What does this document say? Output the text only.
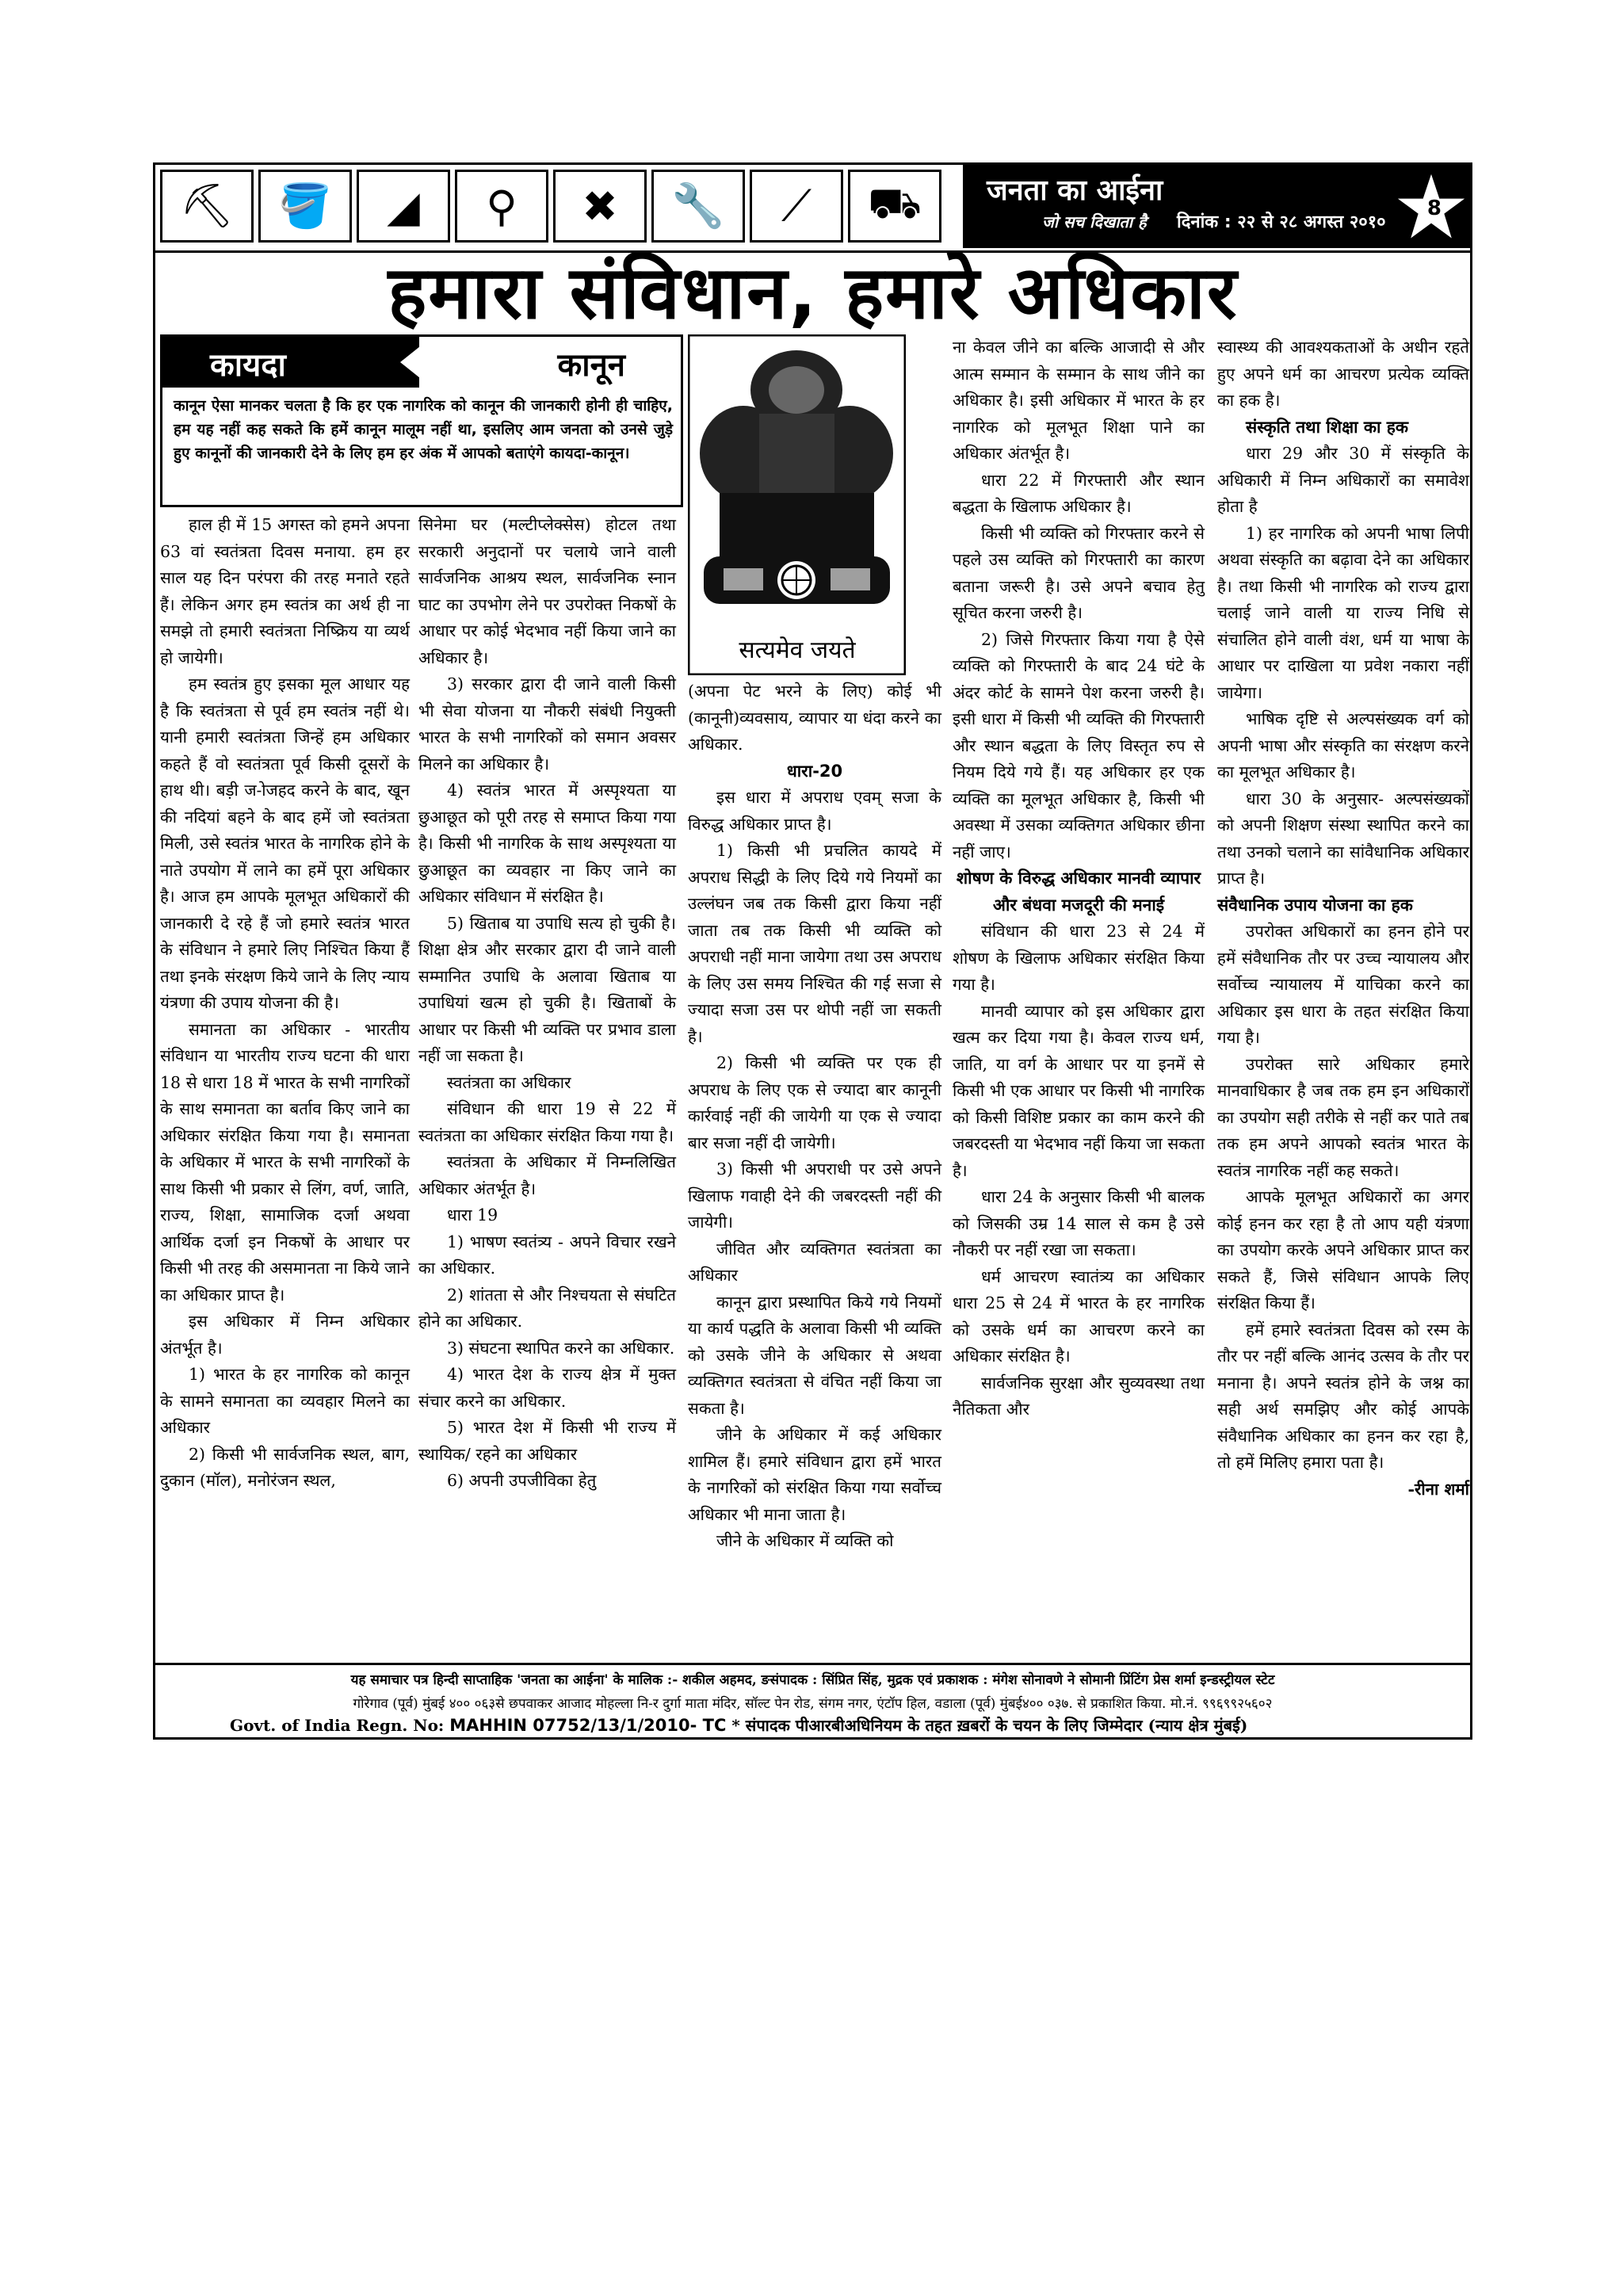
⛏	🪣	◢	⚲	✖	🔧	⟋	⛟	जनता का आईना
जो सच दिखाता है दिनांक : २२ से २८ अगस्त २०१०
8
हमारा संविधान, हमारे अधिकार
कायदा	कानून
कानून ऐसा मानकर चलता है कि हर एक नागरिक को कानून की जानकारी होनी ही चाहिए, हम यह नहीं कह सकते कि हमें कानून मालूम नहीं था, इसलिए आम जनता को उनसे जुड़े हुए कानूनों की जानकारी देने के लिए हम हर अंक में आपको बताएंगे कायदा-कानून।
सत्यमेव जयते

हाल ही में 15 अगस्त को हमने अपना 63 वां स्वतंत्रता दिवस मनाया. हम हर साल यह दिन परंपरा की तरह मनाते रहते हैं। लेकिन अगर हम स्वतंत्र का अर्थ ही ना समझे तो हमारी स्वतंत्रता निष्क्रिय या व्यर्थ हो जायेगी।

हम स्वतंत्र हुए इसका मूल आधार यह है कि स्वतंत्रता से पूर्व हम स्वतंत्र नहीं थे। यानी हमारी स्वतंत्रता जिन्हें हम अधिकार कहते हैं वो स्वतंत्रता पूर्व किसी दूसरों के हाथ थी। बड़ी ज-ोजहद करने के बाद, खून की नदियां बहने के बाद हमें जो स्वतंत्रता मिली, उसे स्वतंत्र भारत के नागरिक होने के नाते उपयोग में लाने का हमें पूरा अधिकार है। आज हम आपके मूलभूत अधिकारों की जानकारी दे रहे हैं जो हमारे स्वतंत्र भारत के संविधान ने हमारे लिए निश्चित किया हैं तथा इनके संरक्षण किये जाने के लिए न्याय यंत्रणा की उपाय योजना की है।

समानता का अधिकार - भारतीय संविधान या भारतीय राज्य घटना की धारा 18 से धारा 18 में भारत के सभी नागरिकों के साथ समानता का बर्ताव किए जाने का अधिकार संरक्षित किया गया है। समानता के अधिकार में भारत के सभी नागरिकों के साथ किसी भी प्रकार से लिंग, वर्ण, जाति, राज्य, शिक्षा, सामाजिक दर्जा अथवा आर्थिक दर्जा इन निकषों के आधार पर किसी भी तरह की असमानता ना किये जाने का अधिकार प्राप्त है।

इस अधिकार में निम्न अधिकार अंतर्भूत है।

1) भारत के हर नागरिक को कानून के सामने समानता का व्यवहार मिलने का अधिकार

2) किसी भी सार्वजनिक स्थल, बाग, दुकान (मॉल), मनोरंजन स्थल,

सिनेमा घर (मल्टीप्लेक्सेस) होटल तथा सरकारी अनुदानों पर चलाये जाने वाली सार्वजनिक आश्रय स्थल, सार्वजनिक स्नान घाट का उपभोग लेने पर उपरोक्त निकषों के आधार पर कोई भेदभाव नहीं किया जाने का अधिकार है।

3) सरकार द्वारा दी जाने वाली किसी भी सेवा योजना या नौकरी संबंधी नियुक्ती भारत के सभी नागरिकों को समान अवसर मिलने का अधिकार है।

4) स्वतंत्र भारत में अस्पृश्यता या छुआछूत को पूरी तरह से समाप्त किया गया है। किसी भी नागरिक के साथ अस्पृश्यता या छुआछूत का व्यवहार ना किए जाने का अधिकार संविधान में संरक्षित है।

5) खिताब या उपाधि सत्य हो चुकी है। शिक्षा क्षेत्र और सरकार द्वारा दी जाने वाली सम्मानित उपाधि के अलावा खिताब या उपाधियां खत्म हो चुकी है। खिताबों के आधार पर किसी भी व्यक्ति पर प्रभाव डाला नहीं जा सकता है।

स्वतंत्रता का अधिकार

संविधान की धारा 19 से 22 में स्वतंत्रता का अधिकार संरक्षित किया गया है।

स्वतंत्रता के अधिकार में निम्नलिखित अधिकार अंतर्भूत है।

धारा 19

1) भाषण स्वतंत्र्य - अपने विचार रखने का अधिकार.

2) शांतता से और निश्चयता से संघटित होने का अधिकार.

3) संघटना स्थापित करने का अधिकार.

4) भारत देश के राज्य क्षेत्र में मुक्त संचार करने का अधिकार.

5) भारत देश में किसी भी राज्य में स्थायिक/ रहने का अधिकार

6) अपनी उपजीविका हेतु

(अपना पेट भरने के लिए) कोई भी (कानूनी)व्यवसाय, व्यापार या धंदा करने का अधिकार.

धारा-20

इस धारा में अपराध एवम् सजा के विरुद्ध अधिकार प्राप्त है।

1) किसी भी प्रचलित कायदे में अपराध सिद्धी के लिए दिये गये नियमों का उल्लंघन जब तक किसी द्वारा किया नहीं जाता तब तक किसी भी व्यक्ति को अपराधी नहीं माना जायेगा तथा उस अपराध के लिए उस समय निश्चित की गई सजा से ज्यादा सजा उस पर थोपी नहीं जा सकती है।

2) किसी भी व्यक्ति पर एक ही अपराध के लिए एक से ज्यादा बार कानूनी कार्रवाई नहीं की जायेगी या एक से ज्यादा बार सजा नहीं दी जायेगी।

3) किसी भी अपराधी पर उसे अपने खिलाफ गवाही देने की जबरदस्ती नहीं की जायेगी।

जीवित और व्यक्तिगत स्वतंत्रता का अधिकार

कानून द्वारा प्रस्थापित किये गये नियमों या कार्य पद्धति के अलावा किसी भी व्यक्ति को उसके जीने के अधिकार से अथवा व्यक्तिगत स्वतंत्रता से वंचित नहीं किया जा सकता है।

जीने के अधिकार में कई अधिकार शामिल हैं। हमारे संविधान द्वारा हमें भारत के नागरिकों को संरक्षित किया गया सर्वोच्च अधिकार भी माना जाता है।

जीने के अधिकार में व्यक्ति को

ना केवल जीने का बल्कि आजादी से और आत्म सम्मान के सम्मान के साथ जीने का अधिकार है। इसी अधिकार में भारत के हर नागरिक को मूलभूत शिक्षा पाने का अधिकार अंतर्भूत है।

धारा 22 में गिरफ्तारी और स्थान बद्धता के खिलाफ अधिकार है।

किसी भी व्यक्ति को गिरफ्तार करने से पहले उस व्यक्ति को गिरफ्तारी का कारण बताना जरूरी है। उसे अपने बचाव हेतु सूचित करना जरुरी है।

2) जिसे गिरफ्तार किया गया है ऐसे व्यक्ति को गिरफ्तारी के बाद 24 घंटे के अंदर कोर्ट के सामने पेश करना जरुरी है। इसी धारा में किसी भी व्यक्ति की गिरफ्तारी और स्थान बद्धता के लिए विस्तृत रुप से नियम दिये गये हैं। यह अधिकार हर एक व्यक्ति का मूलभूत अधिकार है, किसी भी अवस्था में उसका व्यक्तिगत अधिकार छीना नहीं जाए।

शोषण के विरुद्ध अधिकार मानवी व्यापार और बंधवा मजदूरी की मनाई

संविधान की धारा 23 से 24 में शोषण के खिलाफ अधिकार संरक्षित किया गया है।

मानवी व्यापार को इस अधिकार द्वारा खत्म कर दिया गया है। केवल राज्य धर्म, जाति, या वर्ग के आधार पर या इनमें से किसी भी एक आधार पर किसी भी नागरिक को किसी विशिष्ट प्रकार का काम करने की जबरदस्ती या भेदभाव नहीं किया जा सकता है।

धारा 24 के अनुसार किसी भी बालक को जिसकी उम्र 14 साल से कम है उसे नौकरी पर नहीं रखा जा सकता।

धर्म आचरण स्वातंत्र्य का अधिकार धारा 25 से 24 में भारत के हर नागरिक को उसके धर्म का आचरण करने का अधिकार संरक्षित है।

सार्वजनिक सुरक्षा और सुव्यवस्था तथा नैतिकता और

स्वास्थ्य की आवश्यकताओं के अधीन रहते हुए अपने धर्म का आचरण प्रत्येक व्यक्ति का हक है।

संस्कृति तथा शिक्षा का हक

धारा 29 और 30 में संस्कृति के अधिकारी में निम्न अधिकारों का समावेश होता है

1) हर नागरिक को अपनी भाषा लिपी अथवा संस्कृति का बढ़ावा देने का अधिकार है। तथा किसी भी नागरिक को राज्य द्वारा चलाई जाने वाली या राज्य निधि से संचालित होने वाली वंश, धर्म या भाषा के आधार पर दाखिला या प्रवेश नकारा नहीं जायेगा।

भाषिक दृष्टि से अल्पसंख्यक वर्ग को अपनी भाषा और संस्कृति का संरक्षण करने का मूलभूत अधिकार है।

धारा 30 के अनुसार- अल्पसंख्यकों को अपनी शिक्षण संस्था स्थापित करने का तथा उनको चलाने का सांवैधानिक अधिकार प्राप्त है।

संवैधानिक उपाय योजना का हक

उपरोक्त अधिकारों का हनन होने पर हमें संवैधानिक तौर पर उच्च न्यायालय और सर्वोच्च न्यायालय में याचिका करने का अधिकार इस धारा के तहत संरक्षित किया गया है।

उपरोक्त सारे अधिकार हमारे मानवाधिकार है जब तक हम इन अधिकारों का उपयोग सही तरीके से नहीं कर पाते तब तक हम अपने आपको स्वतंत्र भारत के स्वतंत्र नागरिक नहीं कह सकते।

आपके मूलभूत अधिकारों का अगर कोई हनन कर रहा है तो आप यही यंत्रणा का उपयोग करके अपने अधिकार प्राप्त कर सकते हैं, जिसे संविधान आपके लिए संरक्षित किया हैं।

हमें हमारे स्वतंत्रता दिवस को रस्म के तौर पर नहीं बल्कि आनंद उत्सव के तौर पर मनाना है। अपने स्वतंत्र होने के जश्न का सही अर्थ समझिए और कोई आपके संवैधानिक अधिकार का हनन कर रहा है, तो हमें मिलिए हमारा पता है।

-रीना शर्मा

यह समाचार पत्र हिन्दी साप्ताहिक 'जनता का आईना' के मालिक :- शकील अहमद, ङसंपादक : सिंप्रित सिंह, मुद्रक एवं प्रकाशक : मंगेश सोनावणे ने सोमानी प्रिंटिंग प्रेस शर्मा इन्डस्ट्रीयल स्टेट
गोरेगाव (पूर्व) मुंबई ४०० ०६३से छपवाकर आजाद मोहल्ला नि-र दुर्गा माता मंदिर, सॉल्ट पेन रोड, संगम नगर, एंटॉप हिल, वडाला (पूर्व) मुंबई४०० ०३७. से प्रकाशित किया. मो.नं. ९९६९९२५६०२
Govt. of India Regn. No: MAHHIN 07752/13/1/2010- TC * संपादक पीआरबीअधिनियम के तहत ख़बरों के चयन के लिए जिम्मेदार (न्याय क्षेत्र मुंबई)
